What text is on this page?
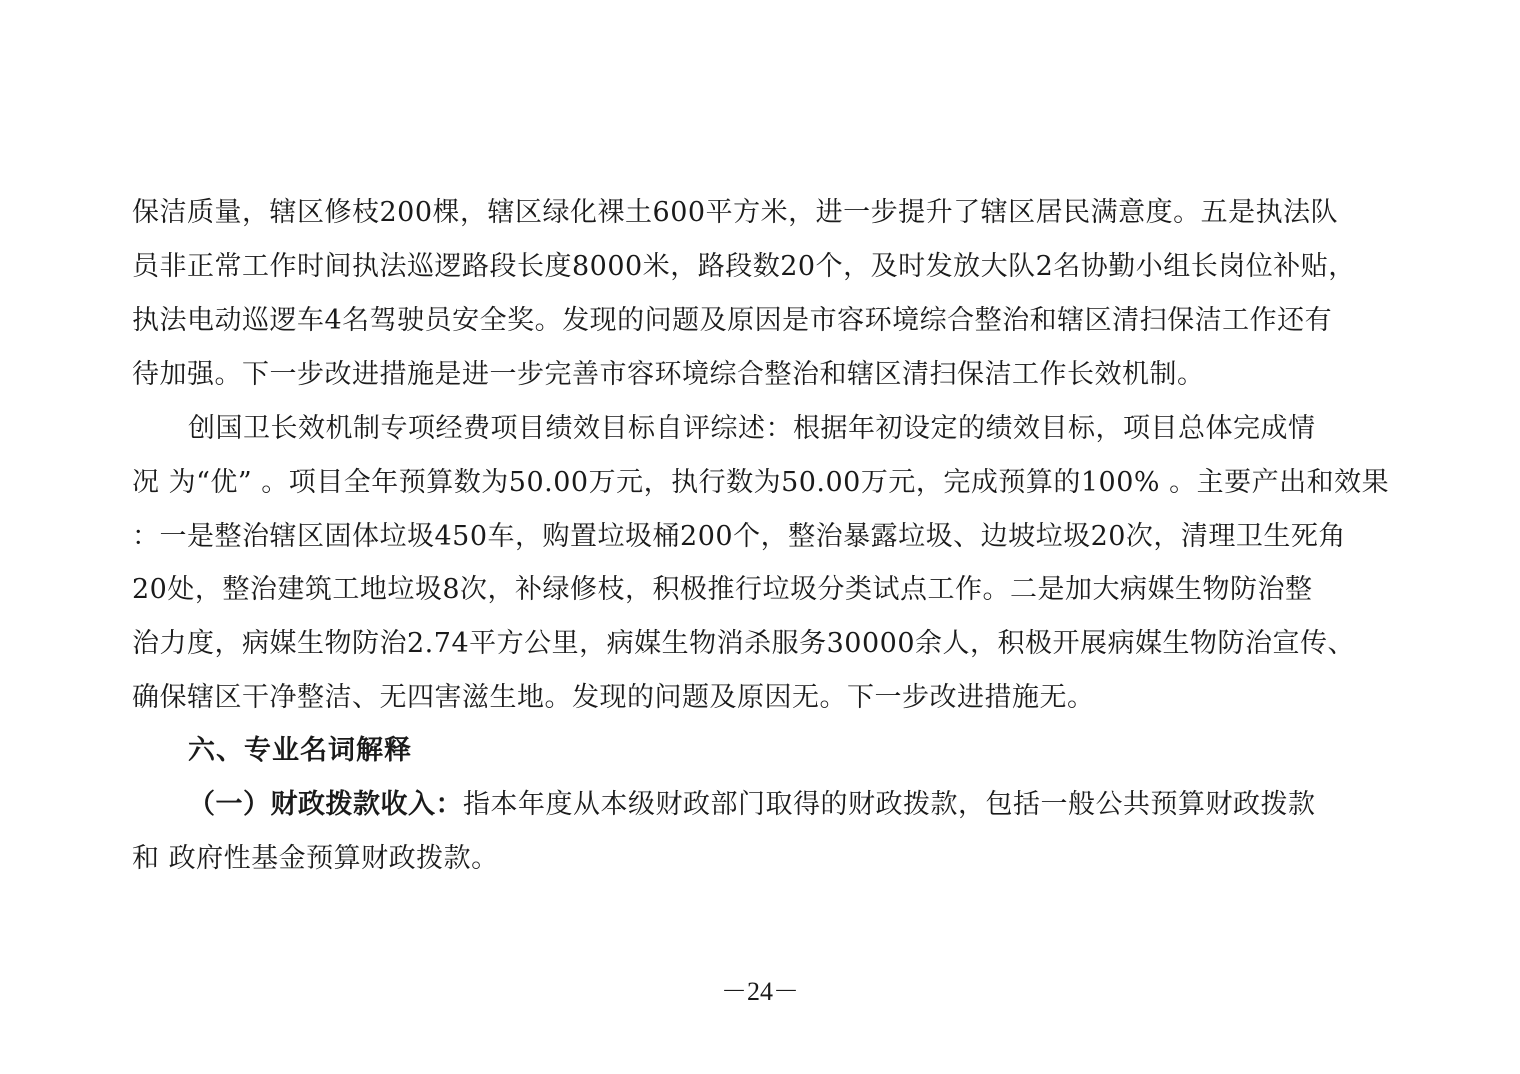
保洁质量，辖区修枝200棵，辖区绿化裸土600平方米，进一步提升了辖区居民满意度。五是执法队
员非正常工作时间执法巡逻路段长度8000米，路段数20个，及时发放大队2名协勤小组长岗位补贴，
执法电动巡逻车4名驾驶员安全奖。发现的问题及原因是市容环境综合整治和辖区清扫保洁工作还有
待加强。下一步改进措施是进一步完善市容环境综合整治和辖区清扫保洁工作长效机制。
创国卫长效机制专项经费项目绩效目标自评综述：根据年初设定的绩效目标，项目总体完成情
况 为“优” 。项目全年预算数为50.00万元，执行数为50.00万元，完成预算的100% 。主要产出和效果
：一是整治辖区固体垃圾450车，购置垃圾桶200个，整治暴露垃圾、边坡垃圾20次，清理卫生死角
20处，整治建筑工地垃圾8次，补绿修枝，积极推行垃圾分类试点工作。二是加大病媒生物防治整
治力度，病媒生物防治2.74平方公里，病媒生物消杀服务30000余人，积极开展病媒生物防治宣传、
确保辖区干净整洁、无四害滋生地。发现的问题及原因无。下一步改进措施无。
六、专业名词解释
（一）财政拨款收入：指本年度从本级财政部门取得的财政拨款，包括一般公共预算财政拨款
和 政府性基金预算财政拨款。
－24－
